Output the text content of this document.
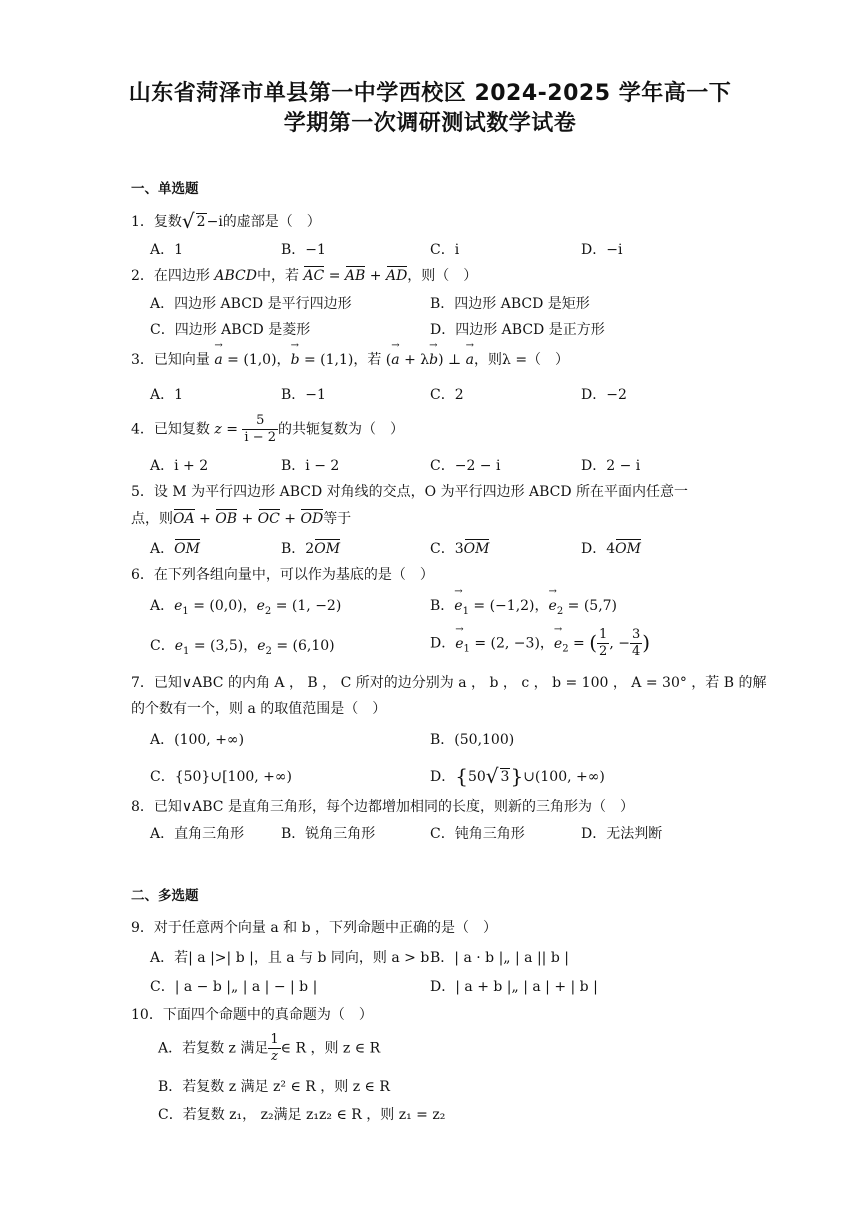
山东省菏泽市单县第一中学西校区 2024-2025 学年高一下
学期第一次调研测试数学试卷
一、单选题
1．复数√ 2−i的虚部是（　）
A．1	B．−1	C．i	D．−i
2．在四边形 ABCD中，若 AC = AB + AD，则（　）
A．四边形 ABCD 是平行四边形	B．四边形 ABCD 是矩形
C．四边形 ABCD 是菱形	D．四边形 ABCD 是正方形
3．已知向量 a → = (1,0)，b → = (1,1)，若 (a → + λb →) ⊥ a →，则λ =（　）
A．1	B．−1	C．2	D．−2
4．已知复数 $z = \frac{5}{i - 2}$ 的共轭复数为（　）
A．i + 2	B．i − 2	C．−2 − i	D．2 − i
5．设 M 为平行四边形 ABCD 对角线的交点，O 为平行四边形 ABCD 所在平面内任意一
点，则OA + OB + OC + OD等于
A．OM	B．2OM	C．3OM	D．4OM
6．在下列各组向量中，可以作为基底的是（　）
A．$e_1 = (0,0)$，$e_2 = (1$, −2)	B．$e \to_1 = (-1,2)$，$e \to_2 = (5,7)$
C．$e_1 = (3,5)$，$e_2 = (6,10)$	D．$e \to_1 = (2$, −3)，$e \to_2$ = ( $\frac{1}{2}$ , − $\frac{3}{4}$ )
7．已知∨ABC 的内角 A ， B ， C 所对的边分别为 a ， b ， c ， b = 100 ， A = 30° ，若 B 的解
的个数有一个，则 a 的取值范围是（　）
A．(100, +∞)	B．(50,100)
C．{50}∪[100, +∞)	D．{50√ 3}∪(100, +∞)
8．已知∨ABC 是直角三角形，每个边都增加相同的长度，则新的三角形为（　）
A．直角三角形	B．锐角三角形	C．钝角三角形	D．无法判断
二、多选题
9．对于任意两个向量 a 和 b ，下列命题中正确的是（　）
A．若| a |>| b |，且 a 与 b 同向，则 a > b B．| a · b |„ | a || b |
C．| a − b |„ | a | − | b |	D．| a + b |„ | a | + | b |
10．下面四个命题中的真命题为（　）
A．若复数 z 满足 $\frac{1}{z}$ ∈ R ，则 z ∈ R
B．若复数 z 满足 z² ∈ R ，则 z ∈ R
C．若复数 z₁， z₂满足 z₁z₂ ∈ R ，则 z₁ = z₂
